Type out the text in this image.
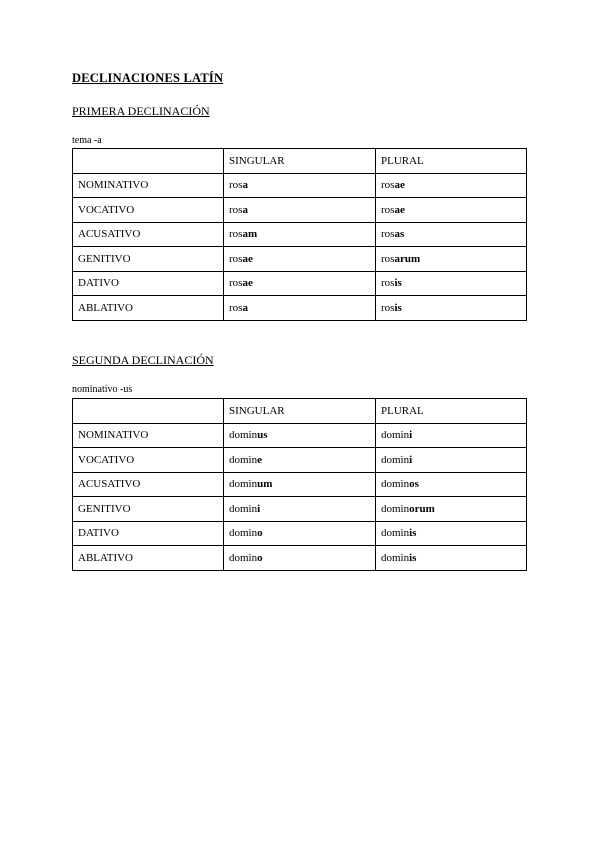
DECLINACIONES LATÍN
PRIMERA DECLINACIÓN
tema -a
	SINGULAR	PLURAL
NOMINATIVO	rosa	rosae
VOCATIVO	rosa	rosae
ACUSATIVO	rosam	rosas
GENITIVO	rosae	rosarum
DATIVO	rosae	rosis
ABLATIVO	rosa	rosis
SEGUNDA DECLINACIÓN
nominativo -us
	SINGULAR	PLURAL
NOMINATIVO	dominus	domini
VOCATIVO	domine	domini
ACUSATIVO	dominum	dominos
GENITIVO	domini	dominorum
DATIVO	domino	dominis
ABLATIVO	domino	dominis
